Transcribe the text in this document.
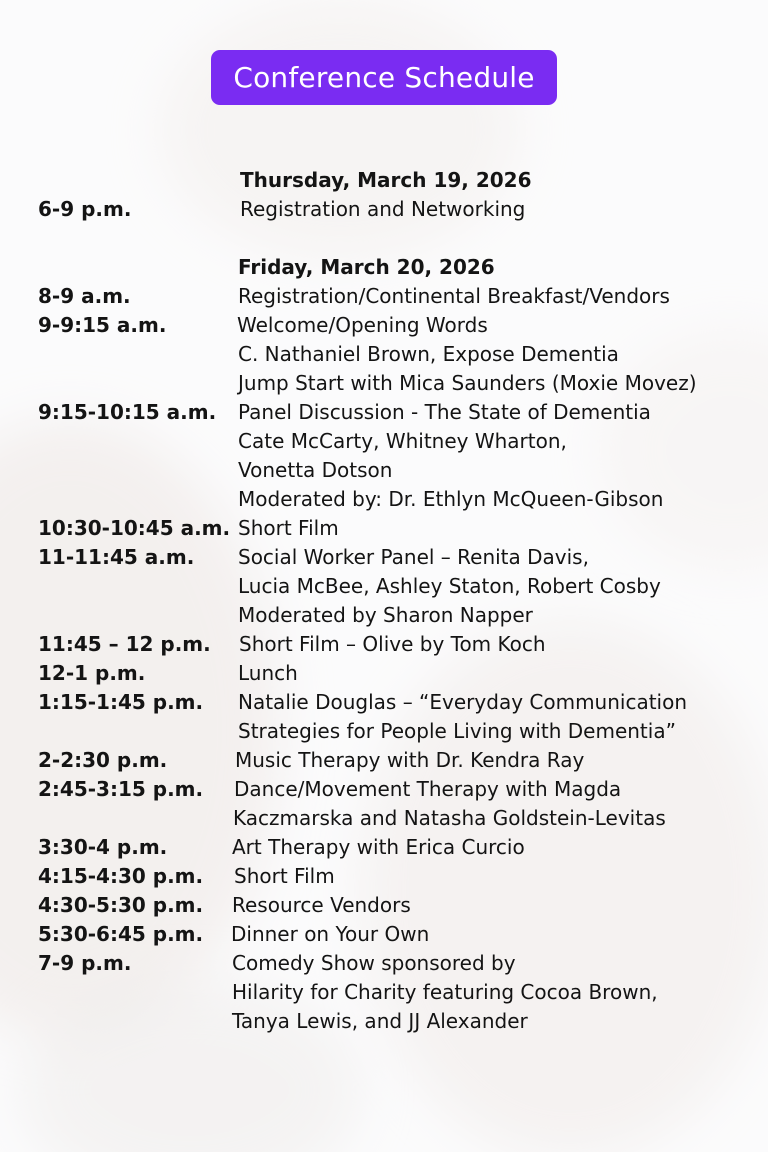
Conference Schedule
Thursday, March 19, 2026
6-9 p.m.	Registration and Networking
Friday, March 20, 2026
8-9 a.m.	Registration/Continental Breakfast/Vendors
9-9:15 a.m.	Welcome/Opening Words
C. Nathaniel Brown, Expose Dementia
Jump Start with Mica Saunders (Moxie Movez)
9:15-10:15 a.m. Panel Discussion - The State of Dementia
Cate McCarty, Whitney Wharton,
Vonetta Dotson
Moderated by: Dr. Ethlyn McQueen-Gibson
10:30-10:45 a.m. Short Film
11-11:45 a.m. Social Worker Panel – Renita Davis,
Lucia McBee, Ashley Staton, Robert Cosby
Moderated by Sharon Napper
11:45 – 12 p.m. Short Film – Olive by Tom Koch
12-1 p.m.	Lunch
1:15-1:45 p.m. Natalie Douglas – “Everyday Communication
Strategies for People Living with Dementia”
2-2:30 p.m.	Music Therapy with Dr. Kendra Ray
2:45-3:15 p.m. Dance/Movement Therapy with Magda
Kaczmarska and Natasha Goldstein-Levitas
3:30-4 p.m.	Art Therapy with Erica Curcio
4:15-4:30 p.m. Short Film
4:30-5:30 p.m. Resource Vendors
5:30-6:45 p.m. Dinner on Your Own
7-9 p.m.	Comedy Show sponsored by
Hilarity for Charity featuring Cocoa Brown,
Tanya Lewis, and JJ Alexander
